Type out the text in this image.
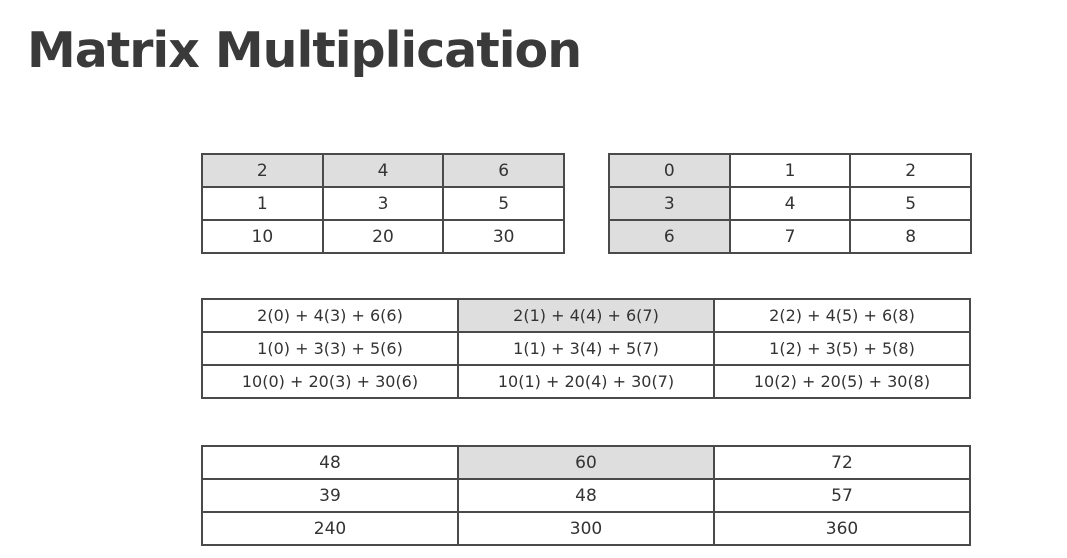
Matrix Multiplication
2	4	6
1	3	5
10	20	30
0	1	2
3	4	5
6	7	8
2(0) + 4(3) + 6(6)	2(1) + 4(4) + 6(7)	2(2) + 4(5) + 6(8)
1(0) + 3(3) + 5(6)	1(1) + 3(4) + 5(7)	1(2) + 3(5) + 5(8)
10(0) + 20(3) + 30(6)	10(1) + 20(4) + 30(7)	10(2) + 20(5) + 30(8)
48	60	72
39	48	57
240	300	360
